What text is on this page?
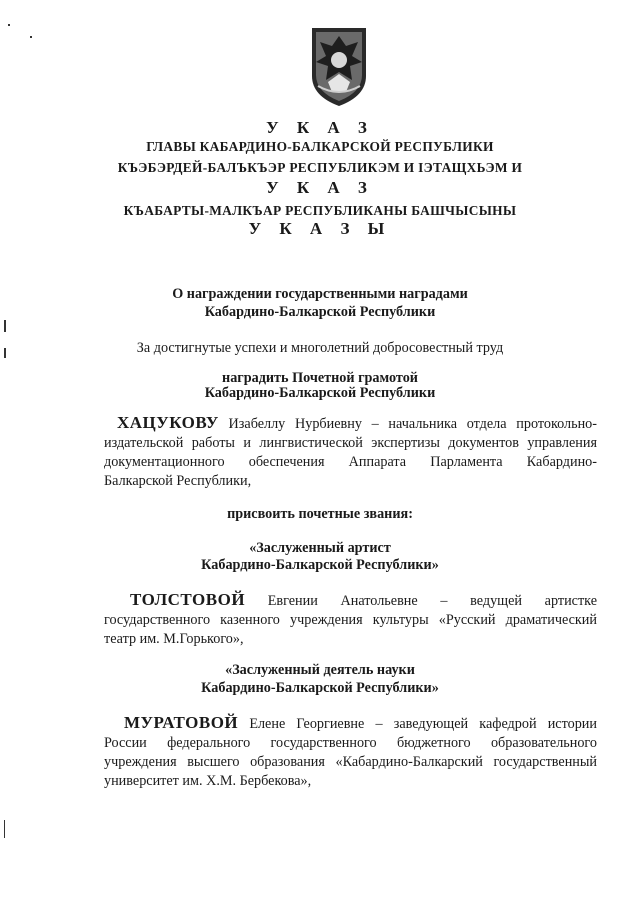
У К А З
ГЛАВЫ КАБАРДИНО-БАЛКАРСКОЙ РЕСПУБЛИКИ
КЪЭБЭРДЕЙ-БАЛЪКЪЭР РЕСПУБЛИКЭМ И ІЭТАЩХЬЭМ И
У К А З
КЪАБАРТЫ-МАЛКЪАР РЕСПУБЛИКАНЫ БАШЧЫСЫНЫ
У К А З Ы
О награждении государственными наградами
Кабардино-Балкарской Республики
За достигнутые успехи и многолетний добросовестный труд
наградить Почетной грамотой
Кабардино-Балкарской Республики
ХАЦУКОВУ Изабеллу Нурбиевну – начальника отдела протокольно-
издательской работы и лингвистической экспертизы документов управления
документационного обеспечения Аппарата Парламента Кабардино-
Балкарской Республики,
присвоить почетные звания:
«Заслуженный артист
Кабардино-Балкарской Республики»
ТОЛСТОВОЙ Евгении Анатольевне – ведущей артистке
государственного казенного учреждения культуры «Русский драматический
театр им. М.Горького»,
«Заслуженный деятель науки
Кабардино-Балкарской Республики»
МУРАТОВОЙ Елене Георгиевне – заведующей кафедрой истории
России федерального государственного бюджетного образовательного
учреждения высшего образования «Кабардино-Балкарский государственный
университет им. Х.М. Бербекова»,
